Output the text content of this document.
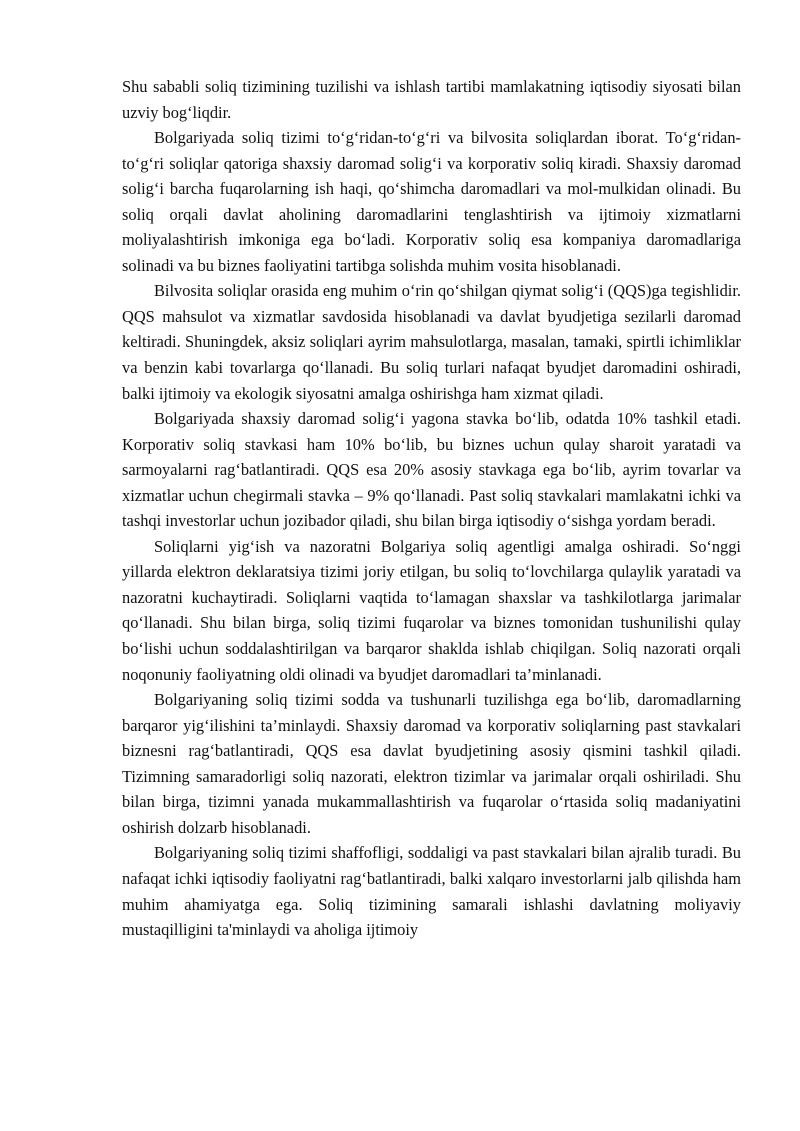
Shu sababli soliq tizimining tuzilishi va ishlash tartibi mamlakatning iqtisodiy siyosati bilan uzviy bog‘liqdir.

Bolgariyada soliq tizimi to‘g‘ridan-to‘g‘ri va bilvosita soliqlardan iborat. To‘g‘ridan-to‘g‘ri soliqlar qatoriga shaxsiy daromad solig‘i va korporativ soliq kiradi. Shaxsiy daromad solig‘i barcha fuqarolarning ish haqi, qo‘shimcha daromadlari va mol-mulkidan olinadi. Bu soliq orqali davlat aholining daromadlarini tenglashtirish va ijtimoiy xizmatlarni moliyalashtirish imkoniga ega bo‘ladi. Korporativ soliq esa kompaniya daromadlariga solinadi va bu biznes faoliyatini tartibga solishda muhim vosita hisoblanadi.

Bilvosita soliqlar orasida eng muhim o‘rin qo‘shilgan qiymat solig‘i (QQS)ga tegishlidir. QQS mahsulot va xizmatlar savdosida hisoblanadi va davlat byudjetiga sezilarli daromad keltiradi. Shuningdek, aksiz soliqlari ayrim mahsulotlarga, masalan, tamaki, spirtli ichimliklar va benzin kabi tovarlarga qo‘llanadi. Bu soliq turlari nafaqat byudjet daromadini oshiradi, balki ijtimoiy va ekologik siyosatni amalga oshirishga ham xizmat qiladi.

Bolgariyada shaxsiy daromad solig‘i yagona stavka bo‘lib, odatda 10% tashkil etadi. Korporativ soliq stavkasi ham 10% bo‘lib, bu biznes uchun qulay sharoit yaratadi va sarmoyalarni rag‘batlantiradi. QQS esa 20% asosiy stavkaga ega bo‘lib, ayrim tovarlar va xizmatlar uchun chegirmali stavka – 9% qo‘llanadi. Past soliq stavkalari mamlakatni ichki va tashqi investorlar uchun jozibador qiladi, shu bilan birga iqtisodiy o‘sishga yordam beradi.

Soliqlarni yig‘ish va nazoratni Bolgariya soliq agentligi amalga oshiradi. So‘nggi yillarda elektron deklaratsiya tizimi joriy etilgan, bu soliq to‘lovchilarga qulaylik yaratadi va nazoratni kuchaytiradi. Soliqlarni vaqtida to‘lamagan shaxslar va tashkilotlarga jarimalar qo‘llanadi. Shu bilan birga, soliq tizimi fuqarolar va biznes tomonidan tushunilishi qulay bo‘lishi uchun soddalashtirilgan va barqaror shaklda ishlab chiqilgan. Soliq nazorati orqali noqonuniy faoliyatning oldi olinadi va byudjet daromadlari ta’minlanadi.

Bolgariyaning soliq tizimi sodda va tushunarli tuzilishga ega bo‘lib, daromadlarning barqaror yig‘ilishini ta’minlaydi. Shaxsiy daromad va korporativ soliqlarning past stavkalari biznesni rag‘batlantiradi, QQS esa davlat byudjetining asosiy qismini tashkil qiladi. Tizimning samaradorligi soliq nazorati, elektron tizimlar va jarimalar orqali oshiriladi. Shu bilan birga, tizimni yanada mukammallashtirish va fuqarolar o‘rtasida soliq madaniyatini oshirish dolzarb hisoblanadi.

Bolgariyaning soliq tizimi shaffofligi, soddaligi va past stavkalari bilan ajralib turadi. Bu nafaqat ichki iqtisodiy faoliyatni rag‘batlantiradi, balki xalqaro investorlarni jalb qilishda ham muhim ahamiyatga ega. Soliq tizimining samarali ishlashi davlatning moliyaviy mustaqilligini ta'minlaydi va aholiga ijtimoiy
